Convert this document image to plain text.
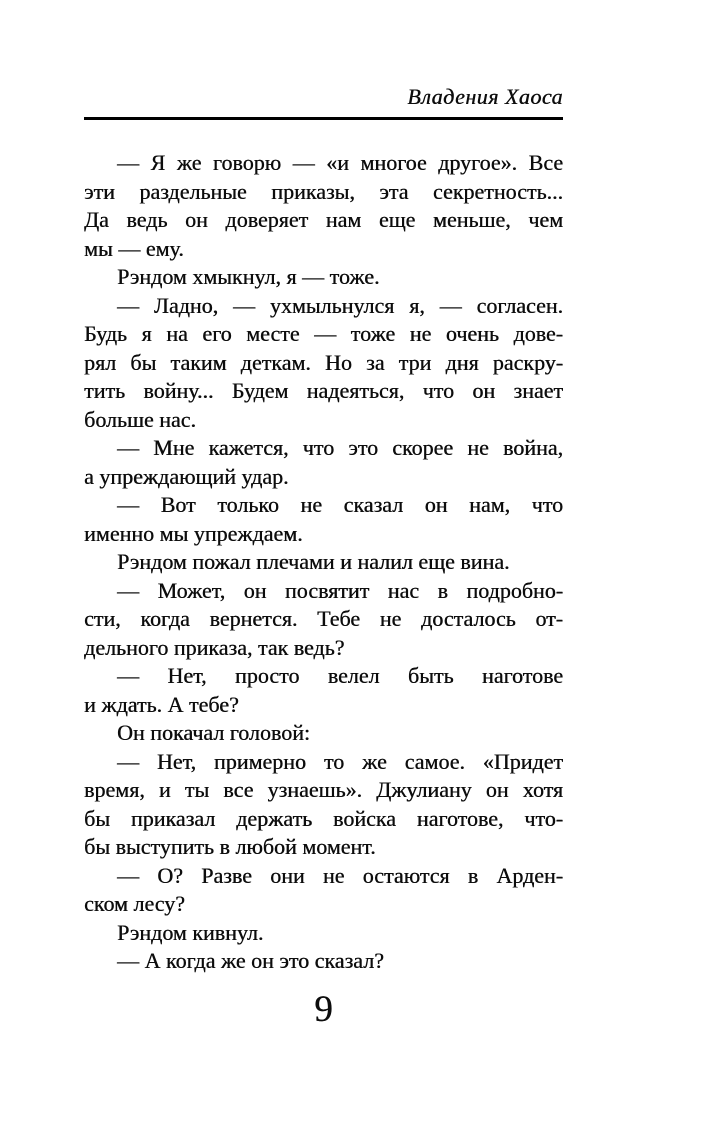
Владения Хаоса
— Я же говорю — «и многое другое». Все
эти раздельные приказы, эта секретность...
Да ведь он доверяет нам еще меньше, чем
мы — ему.
Рэндом хмыкнул, я — тоже.
— Ладно, — ухмыльнулся я, — согласен.
Будь я на его месте — тоже не очень дове-
рял бы таким деткам. Но за три дня раскру-
тить войну... Будем надеяться, что он знает
больше нас.
— Мне кажется, что это скорее не война,
а упреждающий удар.
— Вот только не сказал он нам, что
именно мы упреждаем.
Рэндом пожал плечами и налил еще вина.
— Может, он посвятит нас в подробно-
сти, когда вернется. Тебе не досталось от-
дельного приказа, так ведь?
— Нет, просто велел быть наготове
и ждать. А тебе?
Он покачал головой:
— Нет, примерно то же самое. «Придет
время, и ты все узнаешь». Джулиану он хотя
бы приказал держать войска наготове, что-
бы выступить в любой момент.
— О? Разве они не остаются в Арден-
ском лесу?
Рэндом кивнул.
— А когда же он это сказал?
9
